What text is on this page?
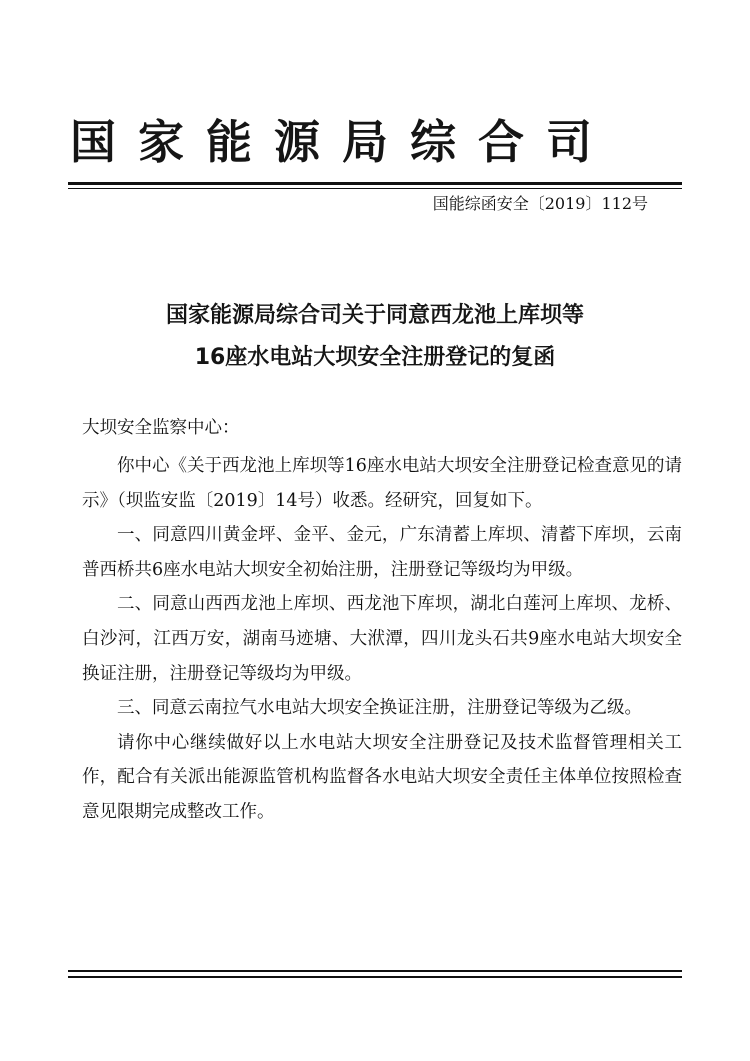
国家能源局综合司
国能综函安全〔2019〕112号
国家能源局综合司关于同意西龙池上库坝等
16座水电站大坝安全注册登记的复函
大坝安全监察中心：

你中心《关于西龙池上库坝等16座水电站大坝安全注册登记检查意见的请示》（坝监安监〔2019〕14号）收悉。经研究，回复如下。

一、同意四川黄金坪、金平、金元，广东清蓄上库坝、清蓄下库坝，云南普西桥共6座水电站大坝安全初始注册，注册登记等级均为甲级。

二、同意山西西龙池上库坝、西龙池下库坝，湖北白莲河上库坝、龙桥、白沙河，江西万安，湖南马迹塘、大洑潭，四川龙头石共9座水电站大坝安全换证注册，注册登记等级均为甲级。

三、同意云南拉气水电站大坝安全换证注册，注册登记等级为乙级。

请你中心继续做好以上水电站大坝安全注册登记及技术监督管理相关工作，配合有关派出能源监管机构监督各水电站大坝安全责任主体单位按照检查意见限期完成整改工作。
